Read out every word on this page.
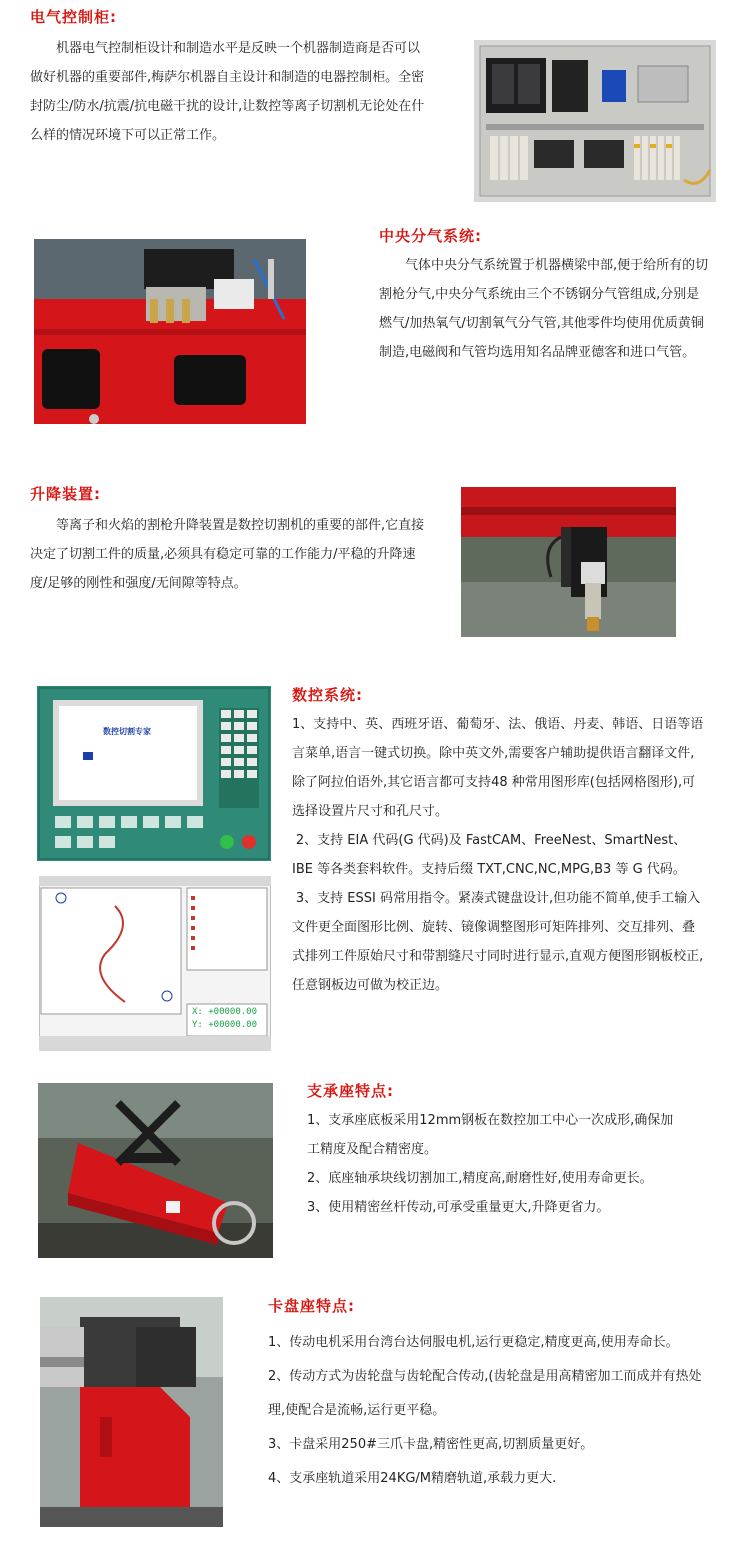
电气控制柜:

机器电气控制柜设计和制造水平是反映一个机器制造商是否可以做好机器的重要部件,梅萨尔机器自主设计和制造的电器控制柜。全密封防尘/防水/抗震/抗电磁干扰的设计,让数控等离子切割机无论处在什么样的情况环境下可以正常工作。

中央分气系统:

气体中央分气系统置于机器横梁中部,便于给所有的切割枪分气,中央分气系统由三个不锈钢分气管组成,分别是燃气/加热氧气/切割氧气分气管,其他零件均使用优质黄铜制造,电磁阀和气管均选用知名品牌亚德客和进口气管。

升降装置:

等离子和火焰的割枪升降装置是数控切割机的重要的部件,它直接决定了切割工件的质量,必须具有稳定可靠的工作能力/平稳的升降速度/足够的刚性和强度/无间隙等特点。

数控切割专家
X: +00000.00
Y: +00000.00
数控系统:

1、支持中、英、西班牙语、葡萄牙、法、俄语、丹麦、韩语、日语等语言菜单,语言一键式切换。除中英文外,需要客户辅助提供语言翻译文件,除了阿拉伯语外,其它语言都可支持48 种常用图形库(包括网格图形),可选择设置片尺寸和孔尺寸。

2、支持 EIA 代码(G 代码)及 FastCAM、FreeNest、SmartNest、IBE 等各类套料软件。支持后缀 TXT,CNC,NC,MPG,B3 等 G 代码。

3、支持 ESSI 码常用指令。紧凑式键盘设计,但功能不简单,使手工输入文件更全面图形比例、旋转、镜像调整图形可矩阵排列、交互排列、叠式排列工件原始尺寸和带割缝尺寸同时进行显示,直观方便图形钢板校正,任意钢板边可做为校正边。

支承座特点:

1、支承座底板采用12mm钢板在数控加工中心一次成形,确保加工精度及配合精密度。

2、底座轴承块线切割加工,精度高,耐磨性好,使用寿命更长。

3、使用精密丝杆传动,可承受重量更大,升降更省力。

卡盘座特点:

1、传动电机采用台湾台达伺服电机,运行更稳定,精度更高,使用寿命长。

2、传动方式为齿轮盘与齿轮配合传动,(齿轮盘是用高精密加工而成并有热处理,使配合是流畅,运行更平稳。

3、卡盘采用250#三爪卡盘,精密性更高,切割质量更好。

4、支承座轨道采用24KG/M精磨轨道,承载力更大.
